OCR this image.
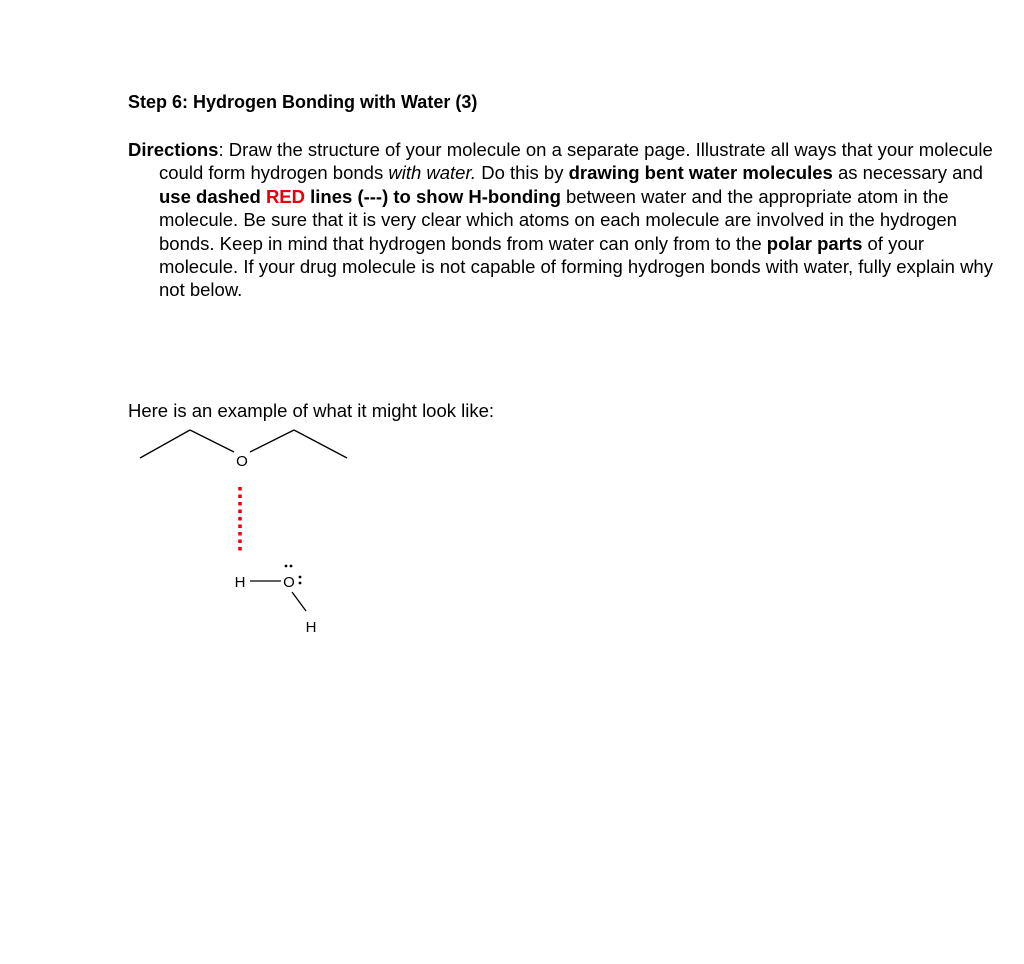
Step 6: Hydrogen Bonding with Water (3)

Directions: Draw the structure of your molecule on a separate page. Illustrate all ways that your molecule could form hydrogen bonds with water. Do this by drawing bent water molecules as necessary and use dashed RED lines (---) to show H-bonding between water and the appropriate atom in the molecule. Be sure that it is very clear which atoms on each molecule are involved in the hydrogen bonds. Keep in mind that hydrogen bonds from water can only from to the polar parts of your molecule. If your drug molecule is not capable of forming hydrogen bonds with water, fully explain why not below.

Here is an example of what it might look like:

O
H	O
H
